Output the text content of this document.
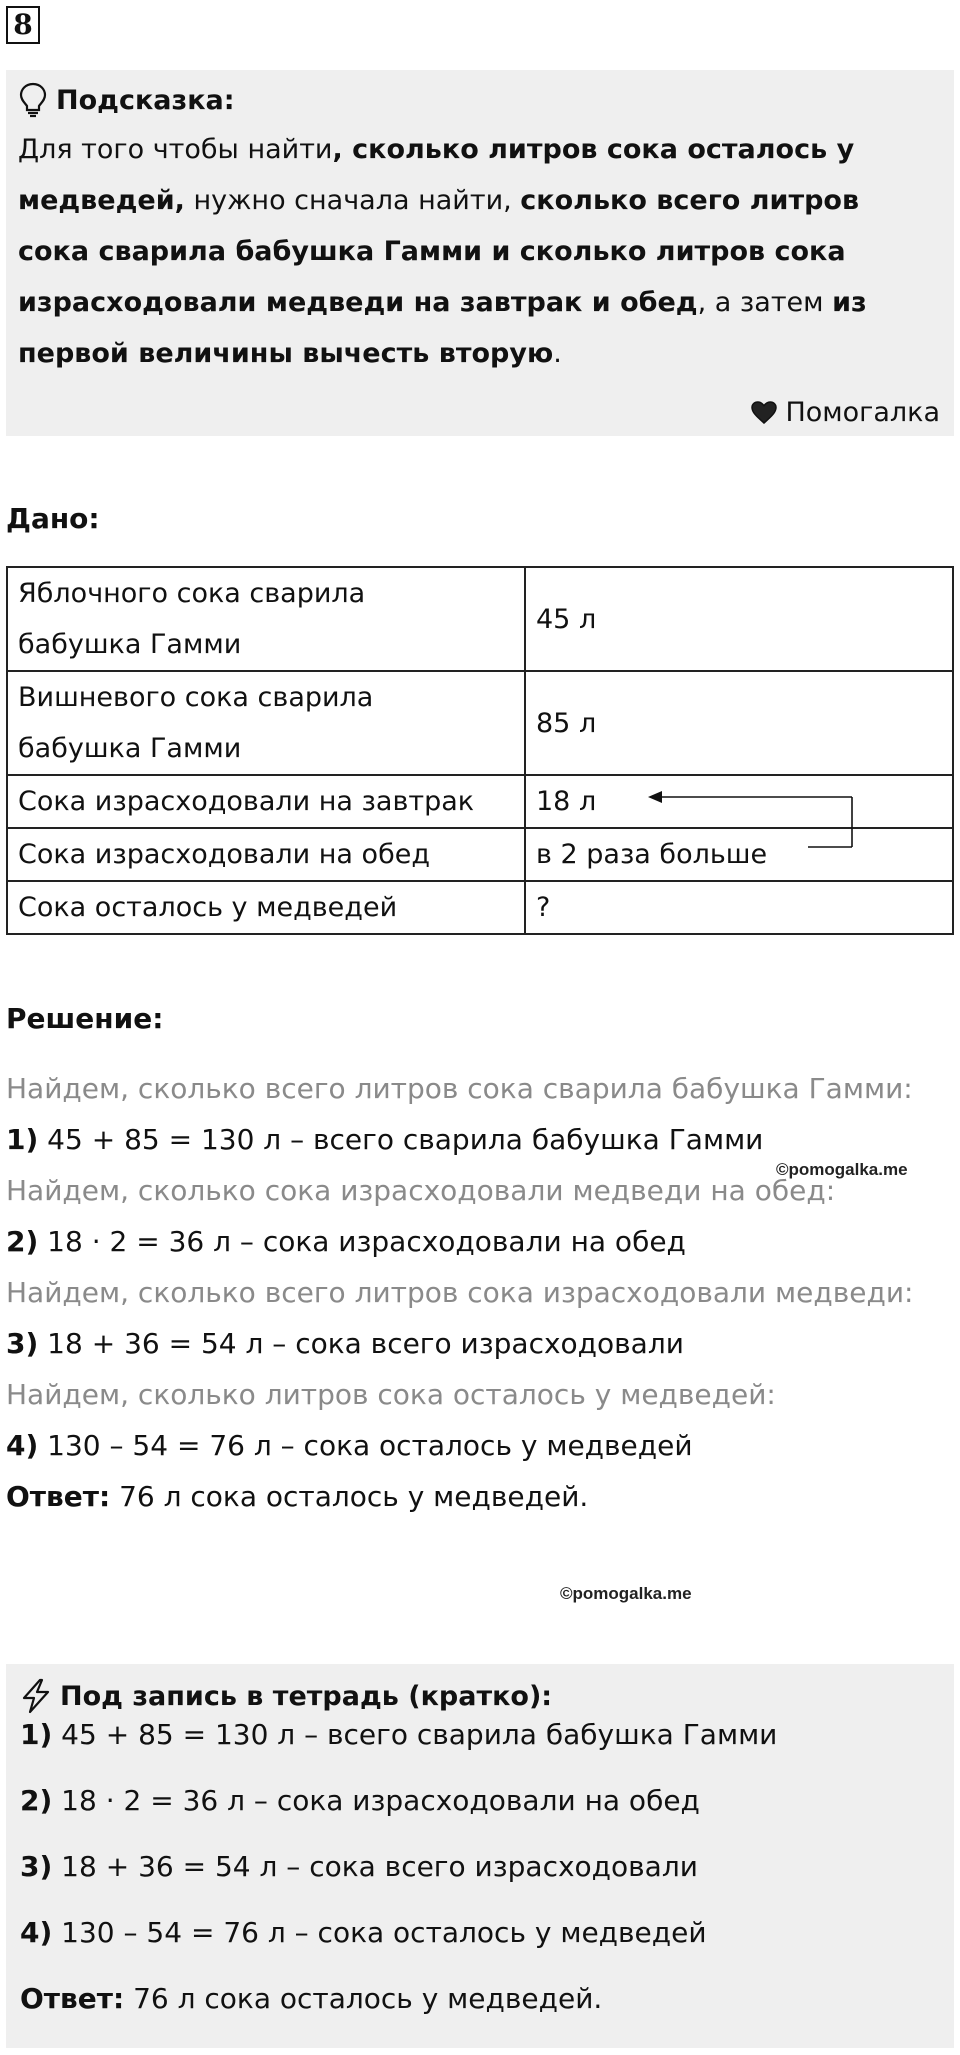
8
Подсказка:
Для того чтобы найти, сколько литров сока осталось у
медведей, нужно сначала найти, сколько всего литров
сока сварила бабушка Гамми и сколько литров сока
израсходовали медведи на завтрак и обед, а затем из
первой величины вычесть вторую.
Помогалка
Дано:
Яблочного сока сварила
бабушка Гамми	45 л

Вишневого сока сварила
бабушка Гамми	85 л

Сока израсходовали на завтрак	18 л

Сока израсходовали на обед	в 2 раза больше

Сока осталось у медведей	?
Решение:
Найдем, сколько всего литров сока сварила бабушка Гамми:
1) 45 + 85 = 130 л – всего сварила бабушка Гамми
Найдем, сколько сока израсходовали медведи на обед:
2) 18 · 2 = 36 л – сока израсходовали на обед
Найдем, сколько всего литров сока израсходовали медведи:
3) 18 + 36 = 54 л – сока всего израсходовали
Найдем, сколько литров сока осталось у медведей:
4) 130 – 54 = 76 л – сока осталось у медведей
Ответ: 76 л сока осталось у медведей.
©pomogalka.me
©pomogalka.me
Под запись в тетрадь (кратко):
1) 45 + 85 = 130 л – всего сварила бабушка Гамми
2) 18 · 2 = 36 л – сока израсходовали на обед
3) 18 + 36 = 54 л – сока всего израсходовали
4) 130 – 54 = 76 л – сока осталось у медведей
Ответ: 76 л сока осталось у медведей.
